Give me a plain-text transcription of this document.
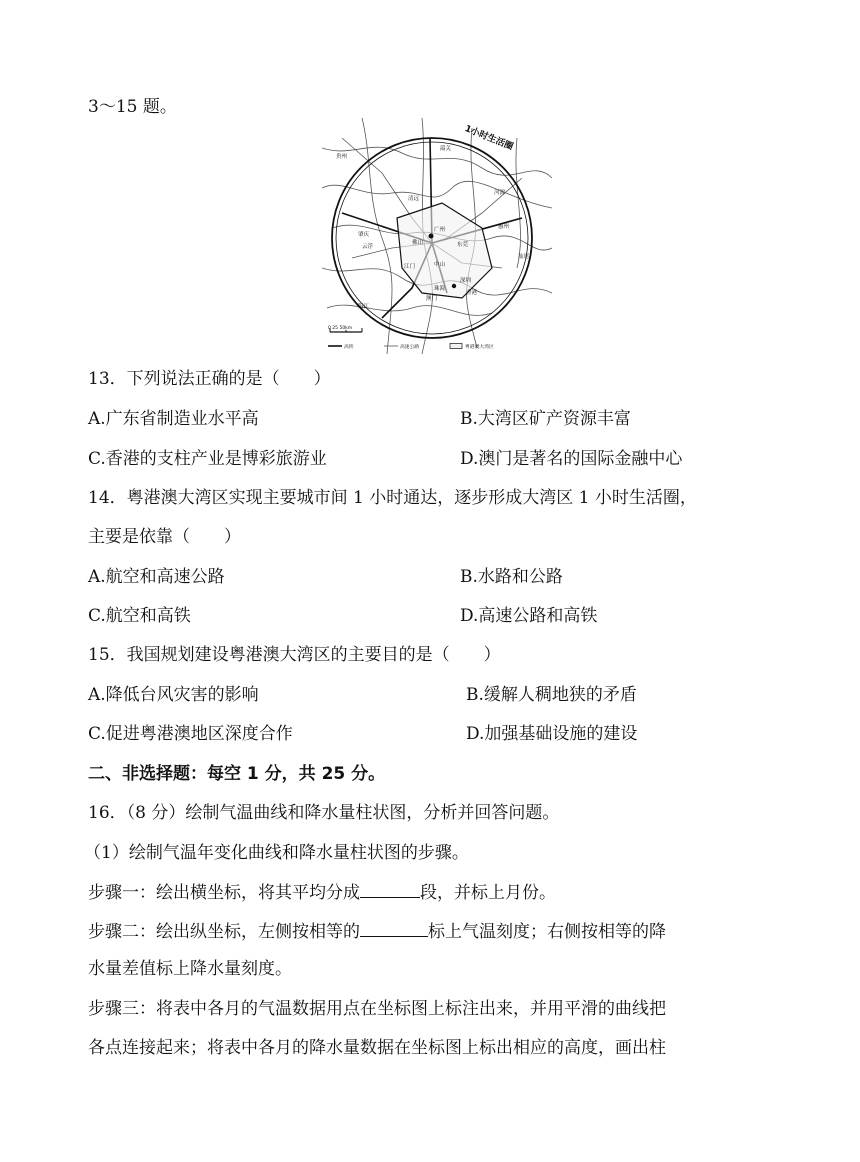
3～15 题。
贵州
清远
肇庆
广州
东莞
惠州
河源
深圳
香港
珠海
澳门
中山
江门
佛山
云浮
阳江
汕尾
韶关 1小时生活圈
0 25 50km
高铁	高速公路	粤港澳大湾区
13．下列说法正确的是（　　）
A.广东省制造业水平高	B.大湾区矿产资源丰富
C.香港的支柱产业是博彩旅游业	D.澳门是著名的国际金融中心
14．粤港澳大湾区实现主要城市间 1 小时通达，逐步形成大湾区 1 小时生活圈，
主要是依靠（　　）
A.航空和高速公路	B.水路和公路
C.航空和高铁	D.高速公路和高铁
15．我国规划建设粤港澳大湾区的主要目的是（　　）
A.降低台风灾害的影响	B.缓解人稠地狭的矛盾
C.促进粤港澳地区深度合作	D.加强基础设施的建设
二、非选择题：每空 1 分，共 25 分。
16．（8 分）绘制气温曲线和降水量柱状图，分析并回答问题。
（1）绘制气温年变化曲线和降水量柱状图的步骤。
步骤一：绘出横坐标，将其平均分成	段，并标上月份。
步骤二：绘出纵坐标，左侧按相等的	标上气温刻度；右侧按相等的降
水量差值标上降水量刻度。
步骤三：将表中各月的气温数据用点在坐标图上标注出来，并用平滑的曲线把
各点连接起来；将表中各月的降水量数据在坐标图上标出相应的高度，画出柱
